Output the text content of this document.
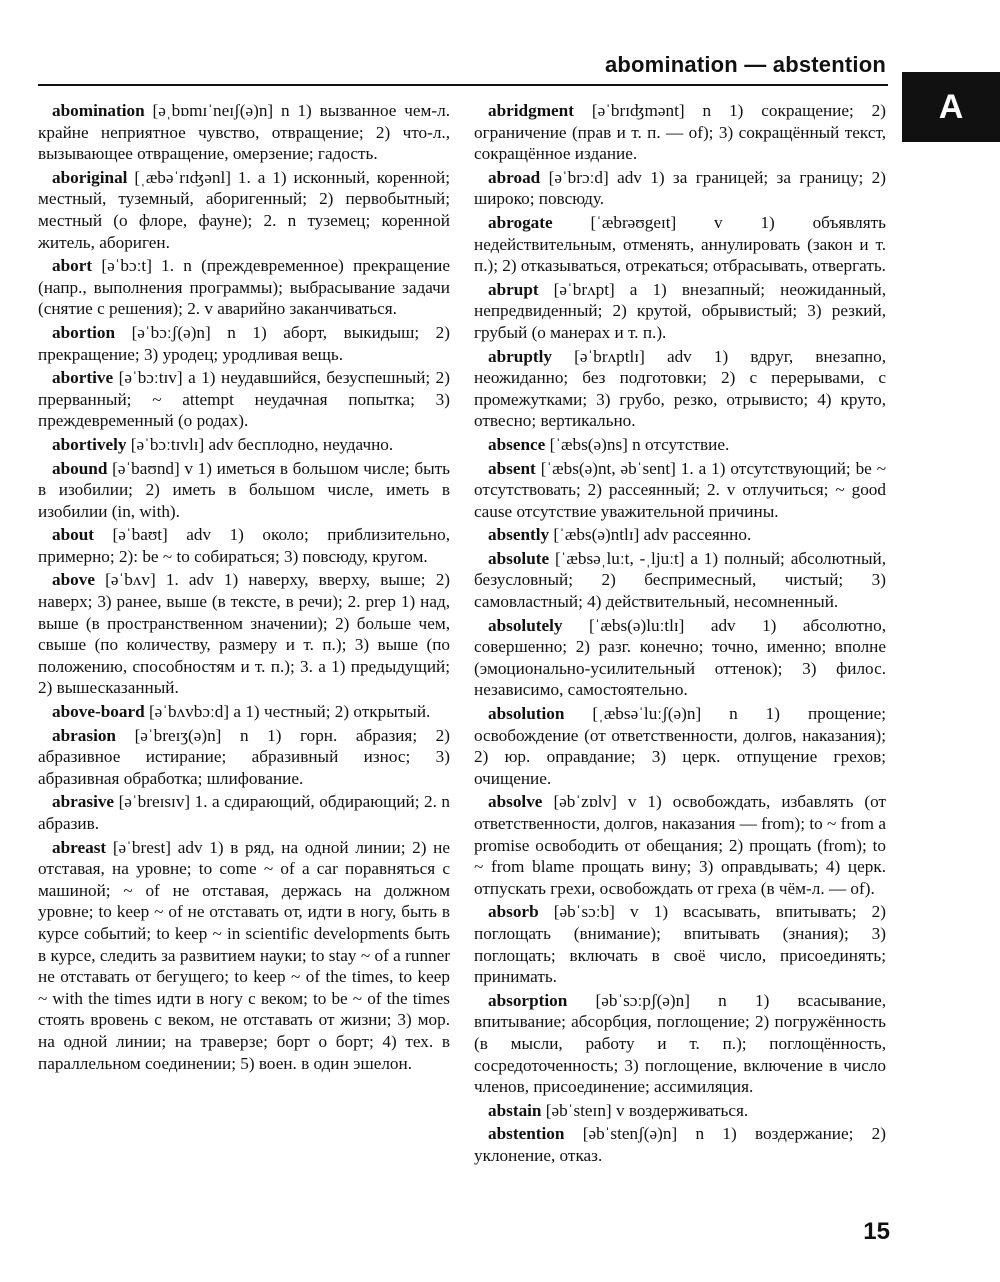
abomination — abstention
A

abomination [əˌbɒmɪˈneɪʃ(ə)n] n 1) вызванное чем-л. крайне неприятное чувство, отвращение; 2) что-л., вызывающее отвращение, омерзение; гадость.

aboriginal [ˌæbəˈrɪʤənl] 1. a 1) исконный, коренной; местный, туземный, аборигенный; 2) первобытный; местный (о флоре, фауне); 2. n туземец; коренной житель, абориген.

abort [əˈbɔːt] 1. n (преждевременное) прекращение (напр., выполнения программы); выбрасывание задачи (снятие с решения); 2. v аварийно заканчиваться.

abortion [əˈbɔːʃ(ə)n] n 1) аборт, выкидыш; 2) прекращение; 3) уродец; уродливая вещь.

abortive [əˈbɔːtɪv] a 1) неудавшийся, безуспешный; 2) прерванный; ~ attempt неудачная попытка; 3) преждевременный (о родах).

abortively [əˈbɔːtɪvlɪ] adv бесплодно, неудачно.

abound [əˈbaʊnd] v 1) иметься в большом числе; быть в изобилии; 2) иметь в большом числе, иметь в изобилии (in, with).

about [əˈbaʊt] adv 1) около; приблизительно, примерно; 2): be ~ to собираться; 3) повсюду, кругом.

above [əˈbʌv] 1. adv 1) наверху, вверху, выше; 2) наверх; 3) ранее, выше (в тексте, в речи); 2. prep 1) над, выше (в пространственном значении); 2) больше чем, свыше (по количеству, размеру и т. п.); 3) выше (по положению, способностям и т. п.); 3. a 1) предыдущий; 2) вышесказанный.

above-board [əˈbʌvbɔːd] a 1) честный; 2) открытый.

abrasion [əˈbreɪʒ(ə)n] n 1) горн. абразия; 2) абразивное истирание; абразивный износ; 3) абразивная обработка; шлифование.

abrasive [əˈbreɪsɪv] 1. a сдирающий, обдирающий; 2. n абразив.

abreast [əˈbrest] adv 1) в ряд, на одной линии; 2) не отставая, на уровне; to come ~ of a car поравняться с машиной; ~ of не отставая, держась на должном уровне; to keep ~ of не отставать от, идти в ногу, быть в курсе событий; to keep ~ in scientific developments быть в курсе, следить за развитием науки; to stay ~ of a runner не отставать от бегущего; to keep ~ of the times, to keep ~ with the times идти в ногу с веком; to be ~ of the times стоять вровень с веком, не отставать от жизни; 3) мор. на одной линии; на траверзе; борт о борт; 4) тех. в параллельном соединении; 5) воен. в один эшелон.

abridgment [əˈbrɪʤmənt] n 1) сокращение; 2) ограничение (прав и т. п. — of); 3) сокращённый текст, сокращённое издание.

abroad [əˈbrɔːd] adv 1) за границей; за границу; 2) широко; повсюду.

abrogate [ˈæbrəʊgeɪt] v 1) объявлять недействительным, отменять, аннулировать (закон и т. п.); 2) отказываться, отрекаться; отбрасывать, отвергать.

abrupt [əˈbrʌpt] a 1) внезапный; неожиданный, непредвиденный; 2) крутой, обрывистый; 3) резкий, грубый (о манерах и т. п.).

abruptly [əˈbrʌptlɪ] adv 1) вдруг, внезапно, неожиданно; без подготовки; 2) с перерывами, с промежутками; 3) грубо, резко, отрывисто; 4) круто, отвесно; вертикально.

absence [ˈæbs(ə)ns] n отсутствие.

absent [ˈæbs(ə)nt, əbˈsent] 1. a 1) отсутствующий; be ~ отсутствовать; 2) рассеянный; 2. v отлучиться; ~ good cause отсутствие уважительной причины.

absently [ˈæbs(ə)ntlɪ] adv рассеянно.

absolute [ˈæbsəˌluːt, -ˌljuːt] a 1) полный; абсолютный, безусловный; 2) беспримесный, чистый; 3) самовластный; 4) действительный, несомненный.

absolutely [ˈæbs(ə)luːtlɪ] adv 1) абсолютно, совершенно; 2) разг. конечно; точно, именно; вполне (эмоционально-усилительный оттенок); 3) филос. независимо, самостоятельно.

absolution [ˌæbsəˈluːʃ(ə)n] n 1) прощение; освобождение (от ответственности, долгов, наказания); 2) юр. оправдание; 3) церк. отпущение грехов; очищение.

absolve [əbˈzɒlv] v 1) освобождать, избавлять (от ответственности, долгов, наказания — from); to ~ from a promise освободить от обещания; 2) прощать (from); to ~ from blame прощать вину; 3) оправдывать; 4) церк. отпускать грехи, освобождать от греха (в чём-л. — of).

absorb [əbˈsɔːb] v 1) всасывать, впитывать; 2) поглощать (внимание); впитывать (знания); 3) поглощать; включать в своё число, присоединять; принимать.

absorption [əbˈsɔːpʃ(ə)n] n 1) всасывание, впитывание; абсорбция, поглощение; 2) погружённость (в мысли, работу и т. п.); поглощённость, сосредоточенность; 3) поглощение, включение в число членов, присоединение; ассимиляция.

abstain [əbˈsteɪn] v воздерживаться.

abstention [əbˈstenʃ(ə)n] n 1) воздержание; 2) уклонение, отказ.

15
